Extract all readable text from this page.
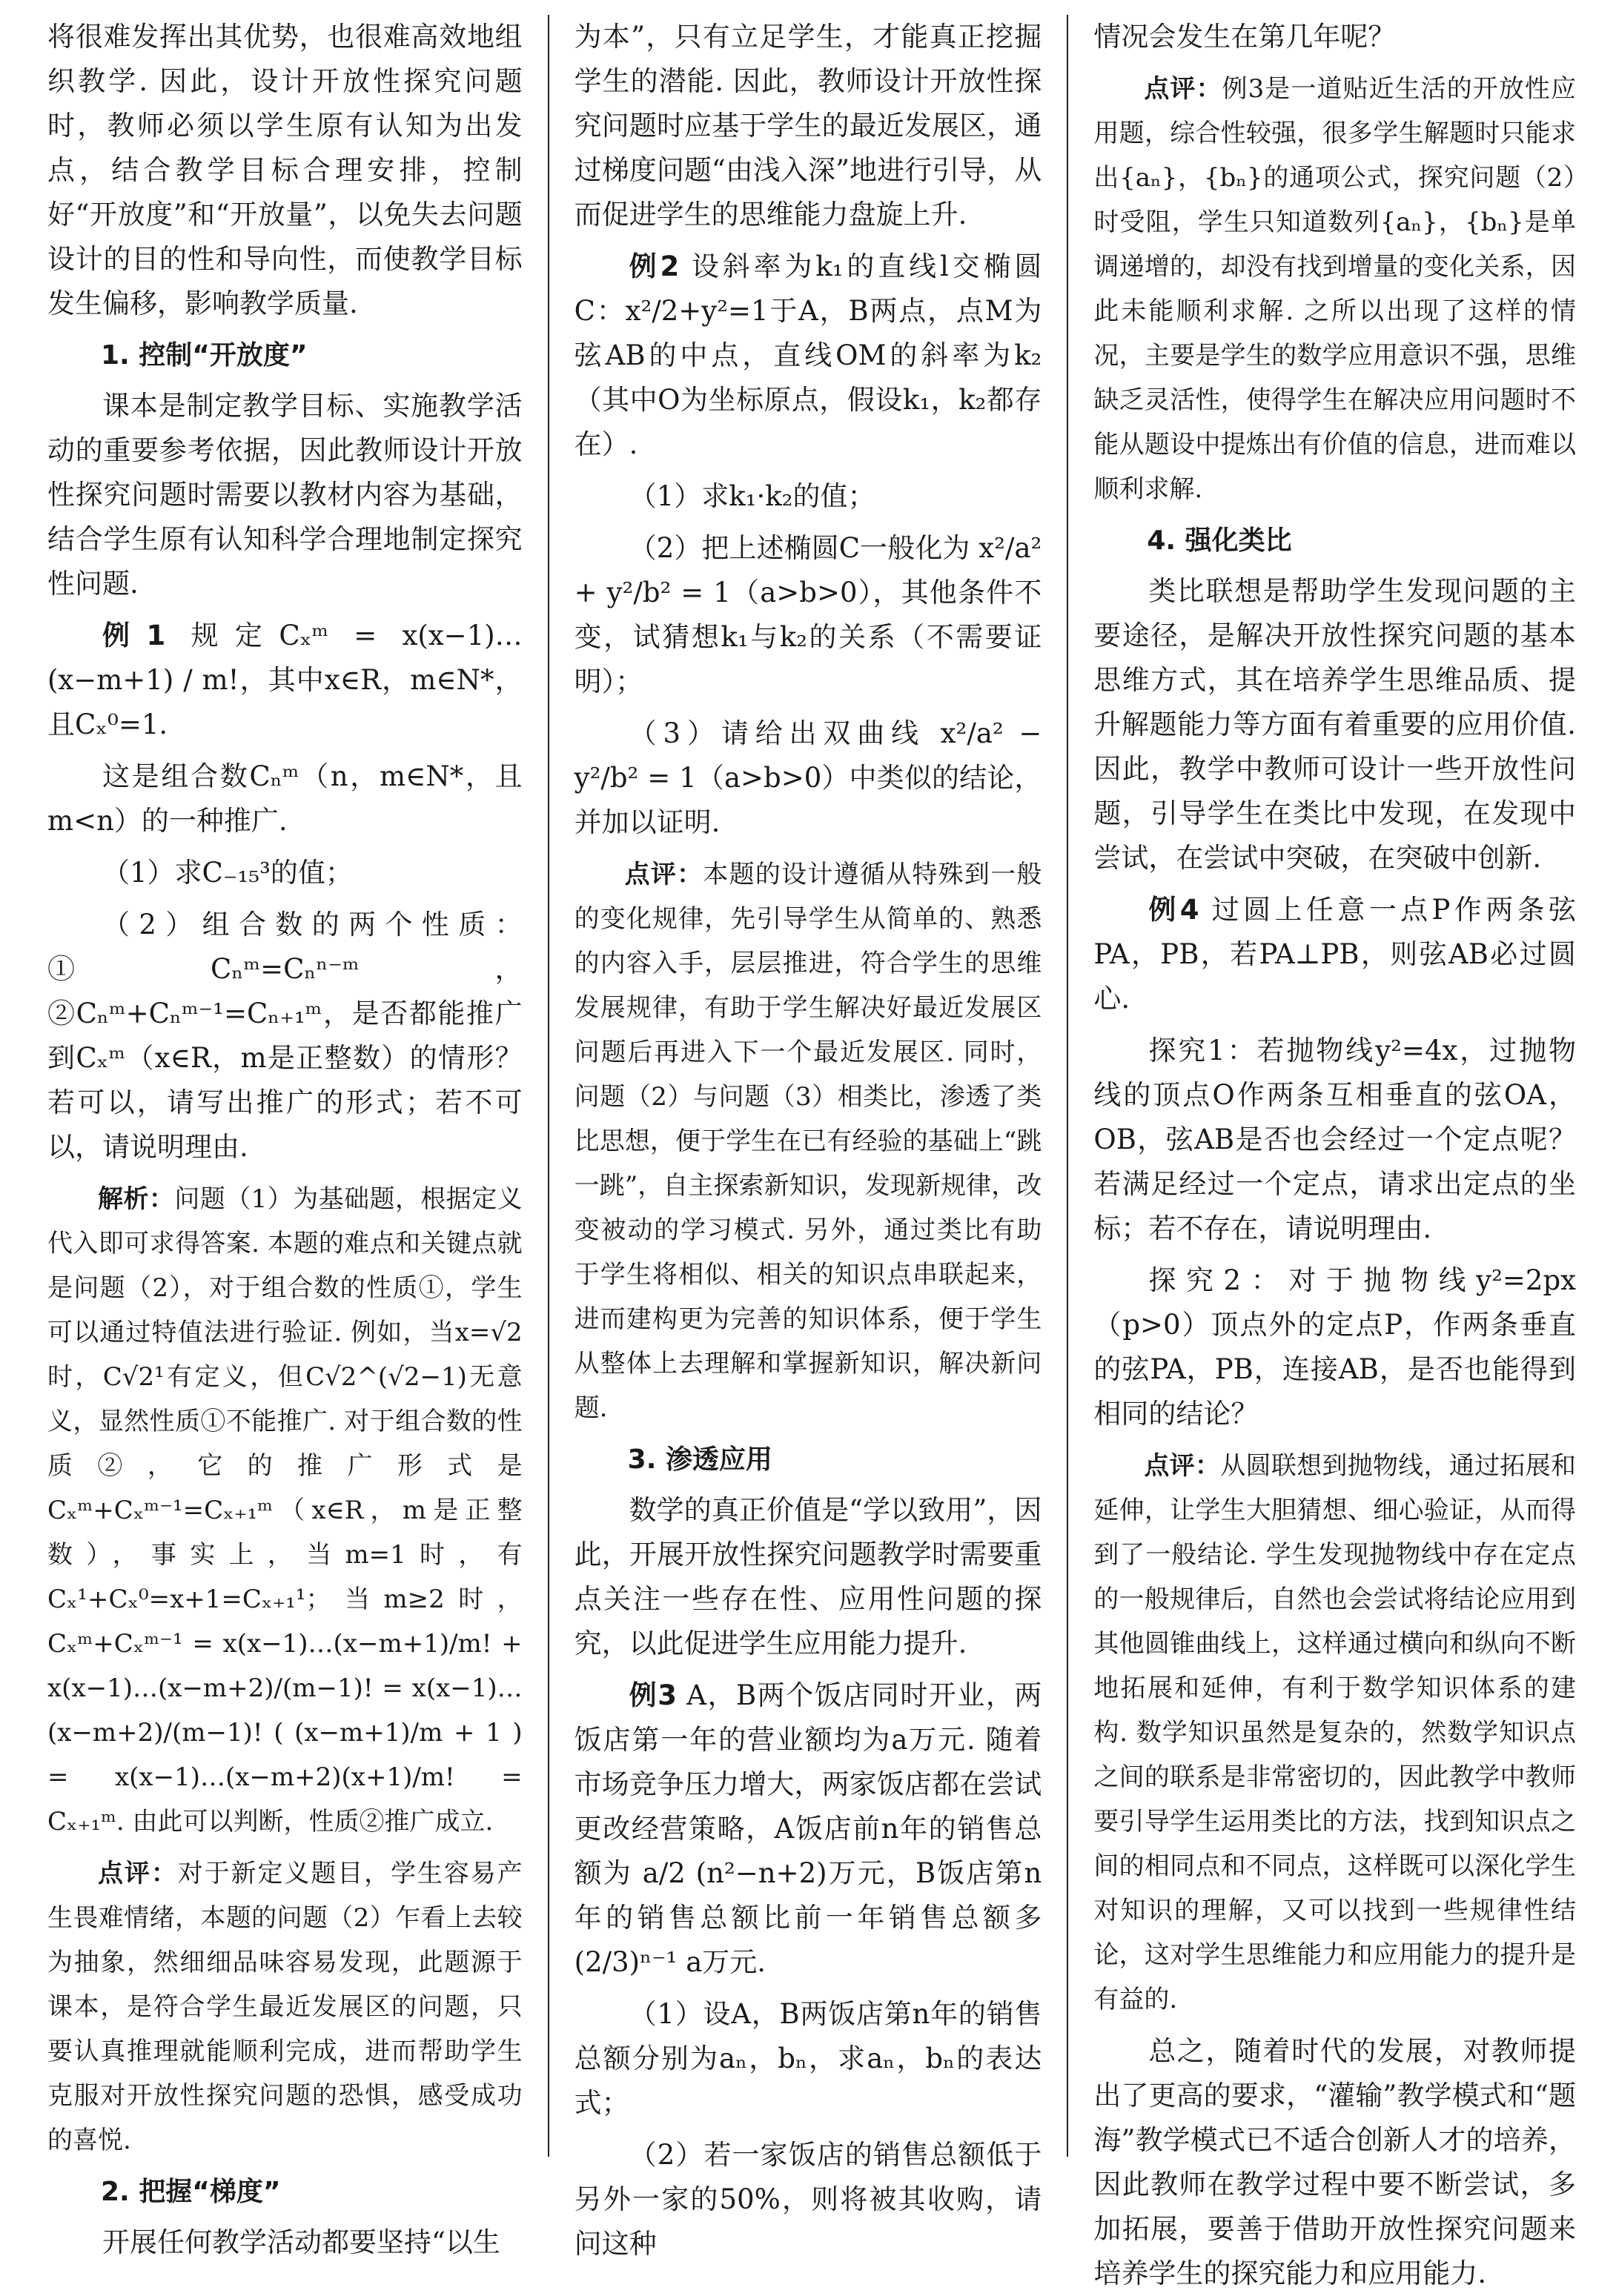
将很难发挥出其优势，也很难高效地组织教学. 因此，设计开放性探究问题时，教师必须以学生原有认知为出发点，结合教学目标合理安排，控制好“开放度”和“开放量”，以免失去问题设计的目的性和导向性，而使教学目标发生偏移，影响教学质量.

1. 控制“开放度”

课本是制定教学目标、实施教学活动的重要参考依据，因此教师设计开放性探究问题时需要以教材内容为基础，结合学生原有认知科学合理地制定探究性问题.

例1 规定Cₓᵐ = x(x−1)…(x−m+1) / m!，其中x∈R，m∈N*，且Cₓ⁰=1.

这是组合数Cₙᵐ（n，m∈N*，且m<n）的一种推广.

（1）求C₋₁₅³的值；

（2）组合数的两个性质：①Cₙᵐ=Cₙⁿ⁻ᵐ，②Cₙᵐ+Cₙᵐ⁻¹=Cₙ₊₁ᵐ，是否都能推广到Cₓᵐ（x∈R，m是正整数）的情形？若可以，请写出推广的形式；若不可以，请说明理由.

解析：问题（1）为基础题，根据定义代入即可求得答案. 本题的难点和关键点就是问题（2），对于组合数的性质①，学生可以通过特值法进行验证. 例如，当x=√2 时，C√2¹有定义，但C√2^(√2−1)无意义，显然性质①不能推广. 对于组合数的性质②，它的推广形式是Cₓᵐ+Cₓᵐ⁻¹=Cₓ₊₁ᵐ（x∈R，m是正整数），事实上，当m=1时，有Cₓ¹+Cₓ⁰=x+1=Cₓ₊₁¹；当m≥2时，Cₓᵐ+Cₓᵐ⁻¹ = x(x−1)…(x−m+1)/m! + x(x−1)…(x−m+2)/(m−1)! = x(x−1)…(x−m+2)/(m−1)! ( (x−m+1)/m + 1 ) = x(x−1)…(x−m+2)(x+1)/m! = Cₓ₊₁ᵐ. 由此可以判断，性质②推广成立.

点评：对于新定义题目，学生容易产生畏难情绪，本题的问题（2）乍看上去较为抽象，然细细品味容易发现，此题源于课本，是符合学生最近发展区的问题，只要认真推理就能顺利完成，进而帮助学生克服对开放性探究问题的恐惧，感受成功的喜悦.

2. 把握“梯度”

开展任何教学活动都要坚持“以生

为本”，只有立足学生，才能真正挖掘学生的潜能. 因此，教师设计开放性探究问题时应基于学生的最近发展区，通过梯度问题“由浅入深”地进行引导，从而促进学生的思维能力盘旋上升.

例2 设斜率为k₁的直线l交椭圆C：x²/2+y²=1于A，B两点，点M为弦AB的中点，直线OM的斜率为k₂（其中O为坐标原点，假设k₁，k₂都存在）.

（1）求k₁·k₂的值；

（2）把上述椭圆C一般化为 x²/a² + y²/b² = 1（a>b>0），其他条件不变，试猜想k₁与k₂的关系（不需要证明）；

（3）请给出双曲线 x²/a² − y²/b² = 1（a>b>0）中类似的结论，并加以证明.

点评：本题的设计遵循从特殊到一般的变化规律，先引导学生从简单的、熟悉的内容入手，层层推进，符合学生的思维发展规律，有助于学生解决好最近发展区问题后再进入下一个最近发展区. 同时，问题（2）与问题（3）相类比，渗透了类比思想，便于学生在已有经验的基础上“跳一跳”，自主探索新知识，发现新规律，改变被动的学习模式. 另外，通过类比有助于学生将相似、相关的知识点串联起来，进而建构更为完善的知识体系，便于学生从整体上去理解和掌握新知识，解决新问题.

3. 渗透应用

数学的真正价值是“学以致用”，因此，开展开放性探究问题教学时需要重点关注一些存在性、应用性问题的探究，以此促进学生应用能力提升.

例3 A，B两个饭店同时开业，两饭店第一年的营业额均为a万元. 随着市场竞争压力增大，两家饭店都在尝试更改经营策略，A饭店前n年的销售总额为 a/2 (n²−n+2)万元，B饭店第n年的销售总额比前一年销售总额多 (2/3)ⁿ⁻¹ a万元.

（1）设A，B两饭店第n年的销售总额分别为aₙ，bₙ，求aₙ，bₙ的表达式；

（2）若一家饭店的销售总额低于另外一家的50%，则将被其收购，请问这种

情况会发生在第几年呢？

点评：例3是一道贴近生活的开放性应用题，综合性较强，很多学生解题时只能求出{aₙ}，{bₙ}的通项公式，探究问题（2）时受阻，学生只知道数列{aₙ}，{bₙ}是单调递增的，却没有找到增量的变化关系，因此未能顺利求解. 之所以出现了这样的情况，主要是学生的数学应用意识不强，思维缺乏灵活性，使得学生在解决应用问题时不能从题设中提炼出有价值的信息，进而难以顺利求解.

4. 强化类比

类比联想是帮助学生发现问题的主要途径，是解决开放性探究问题的基本思维方式，其在培养学生思维品质、提升解题能力等方面有着重要的应用价值. 因此，教学中教师可设计一些开放性问题，引导学生在类比中发现，在发现中尝试，在尝试中突破，在突破中创新.

例4 过圆上任意一点P作两条弦PA，PB，若PA⊥PB，则弦AB必过圆心.

探究1：若抛物线y²=4x，过抛物线的顶点O作两条互相垂直的弦OA，OB，弦AB是否也会经过一个定点呢？若满足经过一个定点，请求出定点的坐标；若不存在，请说明理由.

探究2：对于抛物线y²=2px（p>0）顶点外的定点P，作两条垂直的弦PA，PB，连接AB，是否也能得到相同的结论？

点评：从圆联想到抛物线，通过拓展和延伸，让学生大胆猜想、细心验证，从而得到了一般结论. 学生发现抛物线中存在定点的一般规律后，自然也会尝试将结论应用到其他圆锥曲线上，这样通过横向和纵向不断地拓展和延伸，有利于数学知识体系的建构. 数学知识虽然是复杂的，然数学知识点之间的联系是非常密切的，因此教学中教师要引导学生运用类比的方法，找到知识点之间的相同点和不同点，这样既可以深化学生对知识的理解，又可以找到一些规律性结论，这对学生思维能力和应用能力的提升是有益的.

总之，随着时代的发展，对教师提出了更高的要求，“灌输”教学模式和“题海”教学模式已不适合创新人才的培养，因此教师在教学过程中要不断尝试，多加拓展，要善于借助开放性探究问题来培养学生的探究能力和应用能力.
